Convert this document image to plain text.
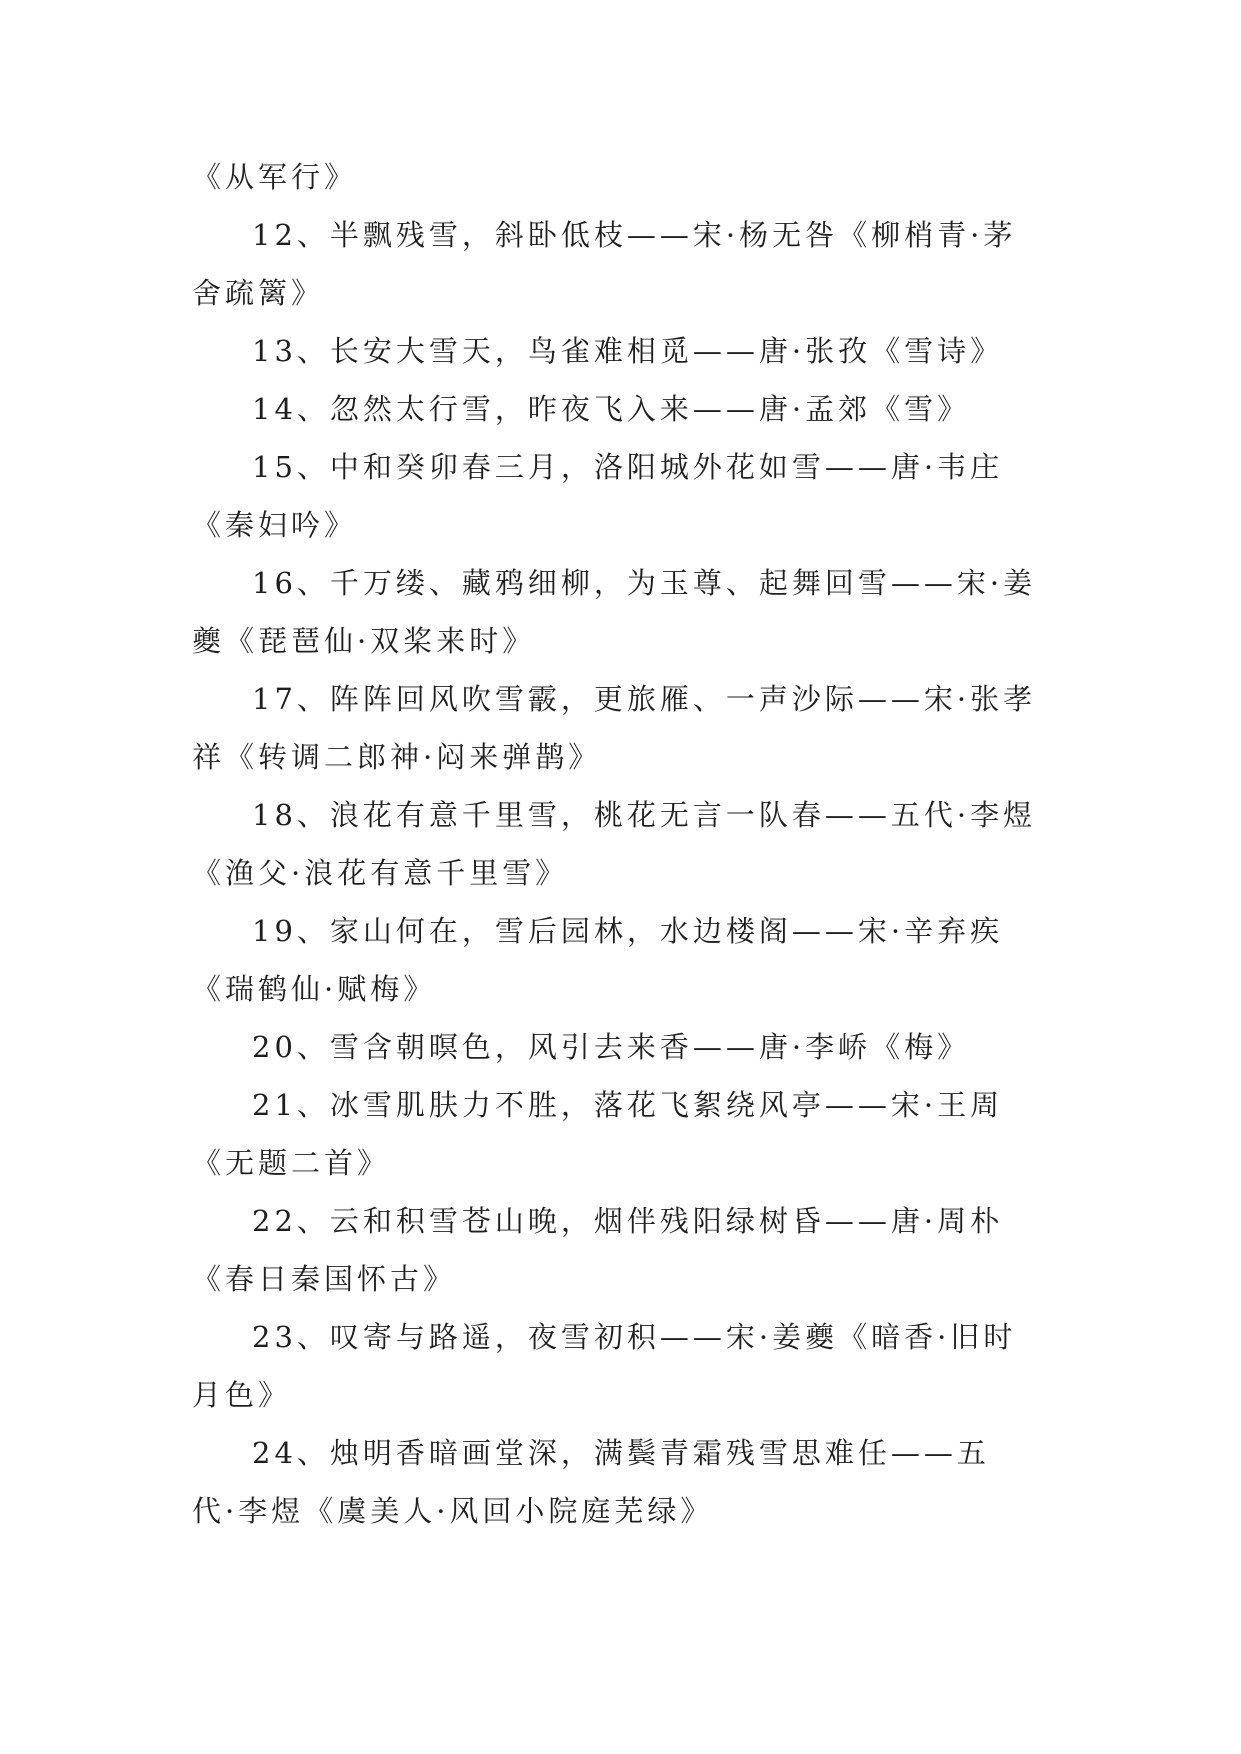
《从军行》
12、半飘残雪，斜卧低枝——宋·杨无咎《柳梢青·茅
舍疏篱》
13、长安大雪天，鸟雀难相觅——唐·张孜《雪诗》
14、忽然太行雪，昨夜飞入来——唐·孟郊《雪》
15、中和癸卯春三月，洛阳城外花如雪——唐·韦庄
《秦妇吟》
16、千万缕、藏鸦细柳，为玉尊、起舞回雪——宋·姜
夔《琵琶仙·双桨来时》
17、阵阵回风吹雪霰，更旅雁、一声沙际——宋·张孝
祥《转调二郎神·闷来弹鹊》
18、浪花有意千里雪，桃花无言一队春——五代·李煜
《渔父·浪花有意千里雪》
19、家山何在，雪后园林，水边楼阁——宋·辛弃疾
《瑞鹤仙·赋梅》
20、雪含朝暝色，风引去来香——唐·李峤《梅》
21、冰雪肌肤力不胜，落花飞絮绕风亭——宋·王周
《无题二首》
22、云和积雪苍山晚，烟伴残阳绿树昏——唐·周朴
《春日秦国怀古》
23、叹寄与路遥，夜雪初积——宋·姜夔《暗香·旧时
月色》
24、烛明香暗画堂深，满鬓青霜残雪思难任——五
代·李煜《虞美人·风回小院庭芜绿》
